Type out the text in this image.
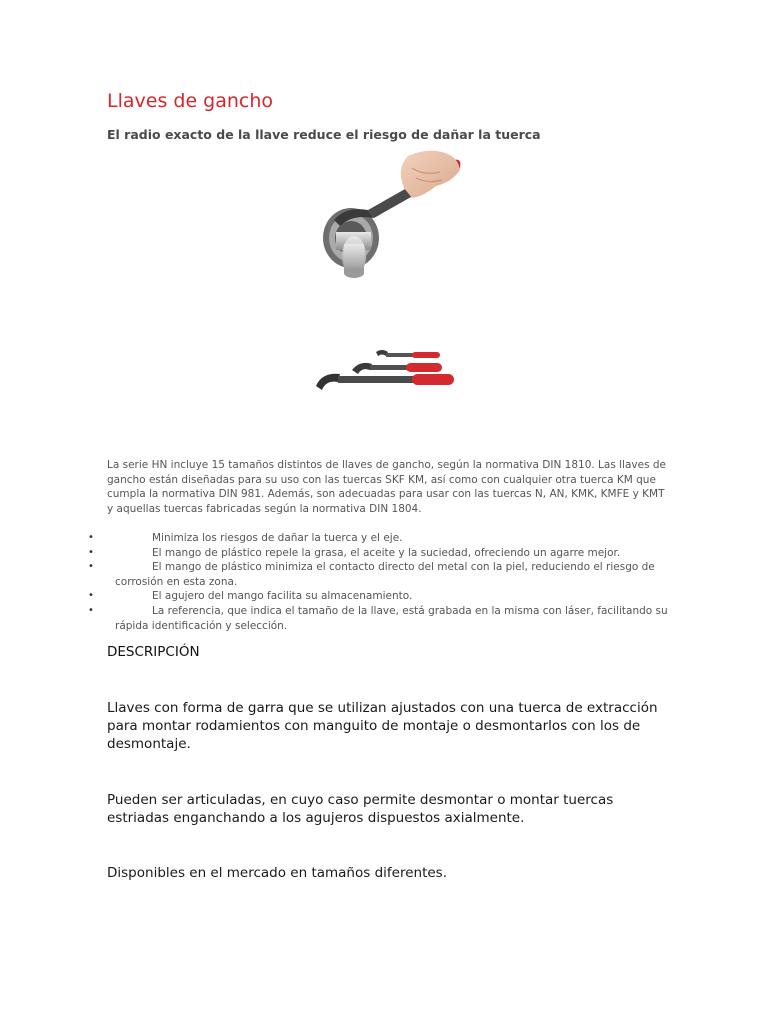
Llaves de gancho
El radio exacto de la llave reduce el riesgo de dañar la tuerca

La serie HN incluye 15 tamaños distintos de llaves de gancho, según la normativa DIN 1810. Las llaves de gancho están diseñadas para su uso con las tuercas SKF KM, así como con cualquier otra tuerca KM que cumpla la normativa DIN 981. Además, son adecuadas para usar con las tuercas N, AN, KMK, KMFE y KMT y aquellas tuercas fabricadas según la normativa DIN 1804.

•	Minimiza los riesgos de dañar la tuerca y el eje.
•	El mango de plástico repele la grasa, el aceite y la suciedad, ofreciendo un agarre mejor.
•	El mango de plástico minimiza el contacto directo del metal con la piel, reduciendo el riesgo de corrosión en esta zona.
•	El agujero del mango facilita su almacenamiento.
•	La referencia, que indica el tamaño de la llave, está grabada en la misma con láser, facilitando su rápida identificación y selección.
DESCRIPCIÓN

Llaves con forma de garra que se utilizan ajustados con una tuerca de extracción para montar rodamientos con manguito de montaje o desmontarlos con los de desmontaje.

Pueden ser articuladas, en cuyo caso permite desmontar o montar tuercas estriadas enganchando a los agujeros dispuestos axialmente.

Disponibles en el mercado en tamaños diferentes.
